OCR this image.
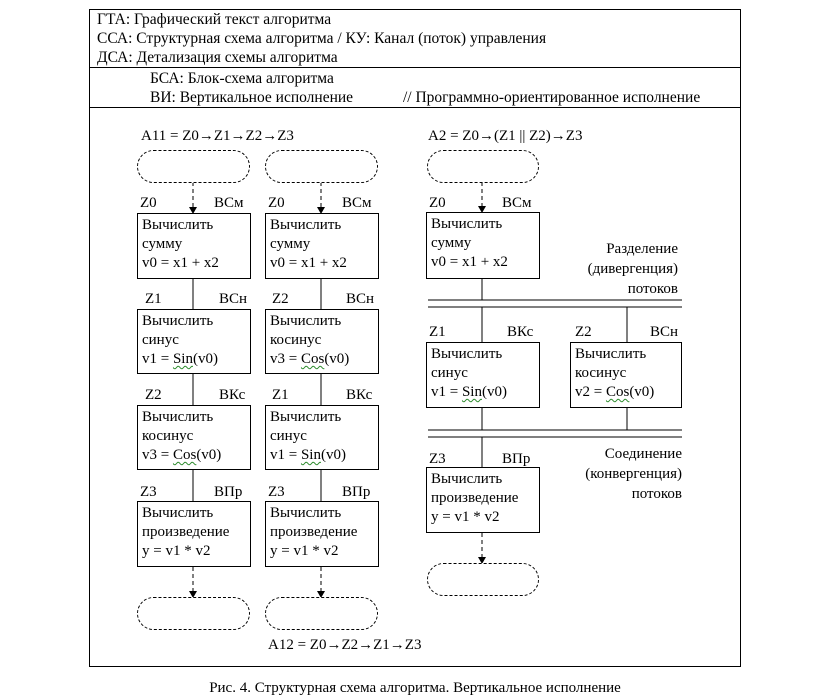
ГТА: Графический текст алгоритма
ССА: Структурная схема алгоритма / КУ: Канал (поток) управления
ДСА: Детализация схемы алгоритма
БСА: Блок-схема алгоритма
ВИ: Вертикальное исполнение	// Программно-ориентированное исполнение
A11 = Z0→Z1→Z2→Z3
A12 = Z0→Z2→Z1→Z3
A2 = Z0→(Z1 || Z2)→Z3
Z0	ВСм
Вычислить
сумму
v0 = x1 + x2
Z1	ВСн
Вычислить
синус
v1 = Sin(v0)
Z2	ВКс
Вычислить
косинус
v3 = Cos(v0)
Z3	ВПр
Вычислить
произведение
y = v1 * v2
Z0	ВСм
Вычислить
сумму
v0 = x1 + x2
Z2	ВСн
Вычислить
косинус
v3 = Cos(v0)
Z1	ВКс
Вычислить
синус
v1 = Sin(v0)
Z3	ВПр
Вычислить
произведение
y = v1 * v2
Z0	ВСм
Вычислить
сумму
v0 = x1 + x2
Разделение
(дивергенция)
потоков
Z1	ВКс
Вычислить
синус
v1 = Sin(v0)
Z2	ВСн
Вычислить
косинус
v2 = Cos(v0)
Соединение
(конвергенция)
потоков
Z3	ВПр
Вычислить
произведение
y = v1 * v2
Рис. 4. Структурная схема алгоритма. Вертикальное исполнение
